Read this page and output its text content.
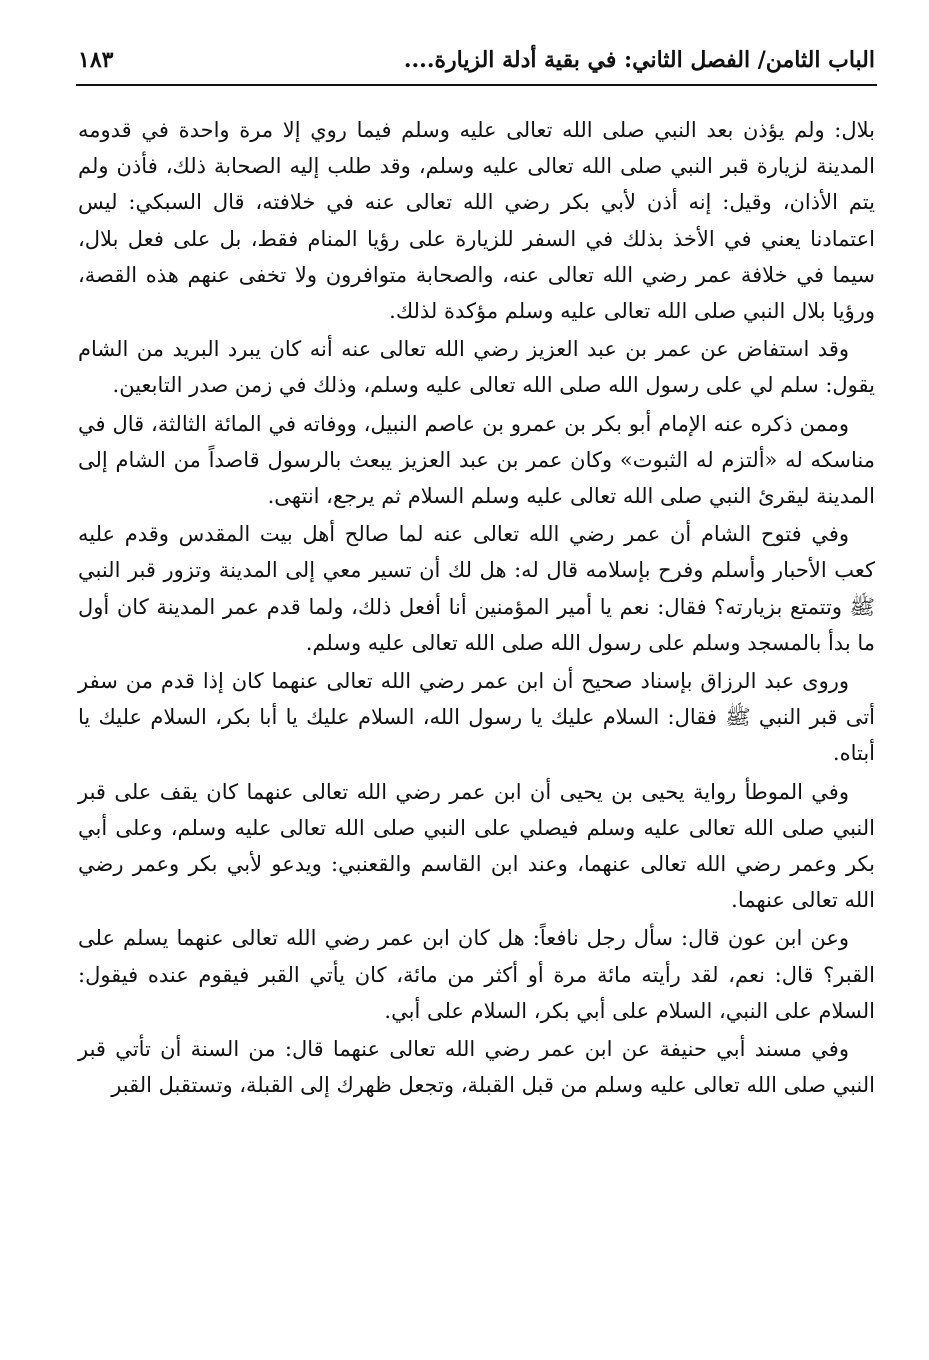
١٨٣	الباب الثامن/ الفصل الثاني: في بقية أدلة الزيارة....

بلال: ولم يؤذن بعد النبي صلى الله تعالى عليه وسلم فيما روي إلا مرة واحدة في قدومه المدينة لزيارة قبر النبي صلى الله تعالى عليه وسلم، وقد طلب إليه الصحابة ذلك، فأذن ولم يتم الأذان، وقيل: إنه أذن لأبي بكر رضي الله تعالى عنه في خلافته، قال السبكي: ليس اعتمادنا يعني في الأخذ بذلك في السفر للزيارة على رؤيا المنام فقط، بل على فعل بلال، سيما في خلافة عمر رضي الله تعالى عنه، والصحابة متوافرون ولا تخفى عنهم هذه القصة، ورؤيا بلال النبي صلى الله تعالى عليه وسلم مؤكدة لذلك.

وقد استفاض عن عمر بن عبد العزيز رضي الله تعالى عنه أنه كان يبرد البريد من الشام يقول: سلم لي على رسول الله صلى الله تعالى عليه وسلم، وذلك في زمن صدر التابعين.

وممن ذكره عنه الإمام أبو بكر بن عمرو بن عاصم النبيل، ووفاته في المائة الثالثة، قال في مناسكه له «ألتزم له الثبوت» وكان عمر بن عبد العزيز يبعث بالرسول قاصداً من الشام إلى المدينة ليقرئ النبي صلى الله تعالى عليه وسلم السلام ثم يرجع، انتهى.

وفي فتوح الشام أن عمر رضي الله تعالى عنه لما صالح أهل بيت المقدس وقدم عليه كعب الأحبار وأسلم وفرح بإسلامه قال له: هل لك أن تسير معي إلى المدينة وتزور قبر النبي ﷺ وتتمتع بزيارته؟ فقال: نعم يا أمير المؤمنين أنا أفعل ذلك، ولما قدم عمر المدينة كان أول ما بدأ بالمسجد وسلم على رسول الله صلى الله تعالى عليه وسلم.

وروى عبد الرزاق بإسناد صحيح أن ابن عمر رضي الله تعالى عنهما كان إذا قدم من سفر أتى قبر النبي ﷺ فقال: السلام عليك يا رسول الله، السلام عليك يا أبا بكر، السلام عليك يا أبتاه.

وفي الموطأ رواية يحيى بن يحيى أن ابن عمر رضي الله تعالى عنهما كان يقف على قبر النبي صلى الله تعالى عليه وسلم فيصلي على النبي صلى الله تعالى عليه وسلم، وعلى أبي بكر وعمر رضي الله تعالى عنهما، وعند ابن القاسم والقعنبي: ويدعو لأبي بكر وعمر رضي الله تعالى عنهما.

وعن ابن عون قال: سأل رجل نافعاً: هل كان ابن عمر رضي الله تعالى عنهما يسلم على القبر؟ قال: نعم، لقد رأيته مائة مرة أو أكثر من مائة، كان يأتي القبر فيقوم عنده فيقول: السلام على النبي، السلام على أبي بكر، السلام على أبي.

وفي مسند أبي حنيفة عن ابن عمر رضي الله تعالى عنهما قال: من السنة أن تأتي قبر النبي صلى الله تعالى عليه وسلم من قبل القبلة، وتجعل ظهرك إلى القبلة، وتستقبل القبر
